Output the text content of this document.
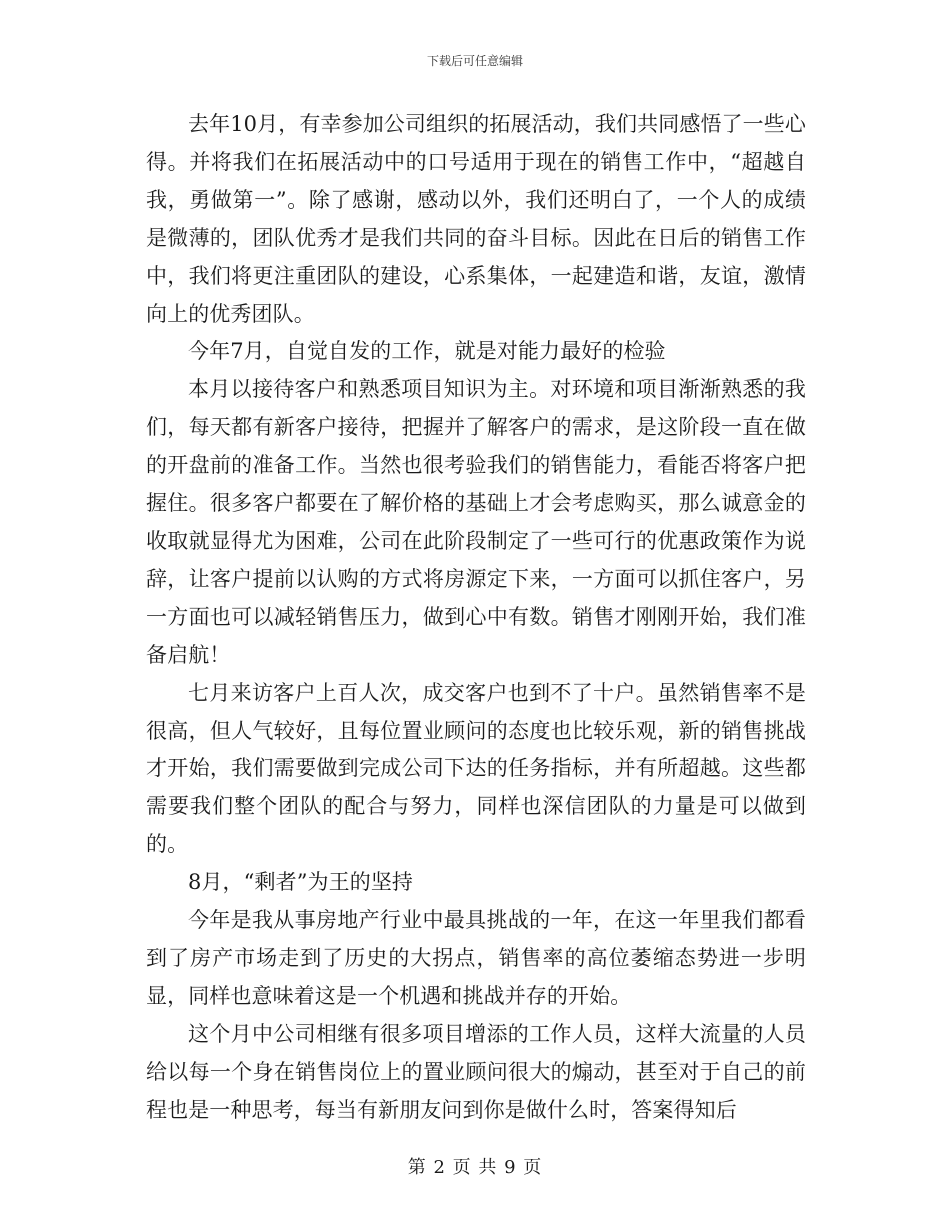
下载后可任意编辑

去年10月，有幸参加公司组织的拓展活动，我们共同感悟了一些心得。并将我们在拓展活动中的口号适用于现在的销售工作中，“超越自我，勇做第一”。除了感谢，感动以外，我们还明白了，一个人的成绩是微薄的，团队优秀才是我们共同的奋斗目标。因此在日后的销售工作中，我们将更注重团队的建设，心系集体，一起建造和谐，友谊，激情向上的优秀团队。

今年7月，自觉自发的工作，就是对能力最好的检验

本月以接待客户和熟悉项目知识为主。对环境和项目渐渐熟悉的我们，每天都有新客户接待，把握并了解客户的需求，是这阶段一直在做的开盘前的准备工作。当然也很考验我们的销售能力，看能否将客户把握住。很多客户都要在了解价格的基础上才会考虑购买，那么诚意金的收取就显得尤为困难，公司在此阶段制定了一些可行的优惠政策作为说辞，让客户提前以认购的方式将房源定下来，一方面可以抓住客户，另一方面也可以减轻销售压力，做到心中有数。销售才刚刚开始，我们准备启航！

七月来访客户上百人次，成交客户也到不了十户。虽然销售率不是很高，但人气较好，且每位置业顾问的态度也比较乐观，新的销售挑战才开始，我们需要做到完成公司下达的任务指标，并有所超越。这些都需要我们整个团队的配合与努力，同样也深信团队的力量是可以做到的。

8月，“剩者”为王的坚持

今年是我从事房地产行业中最具挑战的一年，在这一年里我们都看到了房产市场走到了历史的大拐点，销售率的高位萎缩态势进一步明显，同样也意味着这是一个机遇和挑战并存的开始。

这个月中公司相继有很多项目增添的工作人员，这样大流量的人员给以每一个身在销售岗位上的置业顾问很大的煽动，甚至对于自己的前程也是一种思考，每当有新朋友问到你是做什么时，答案得知后

第 2 页 共 9 页
